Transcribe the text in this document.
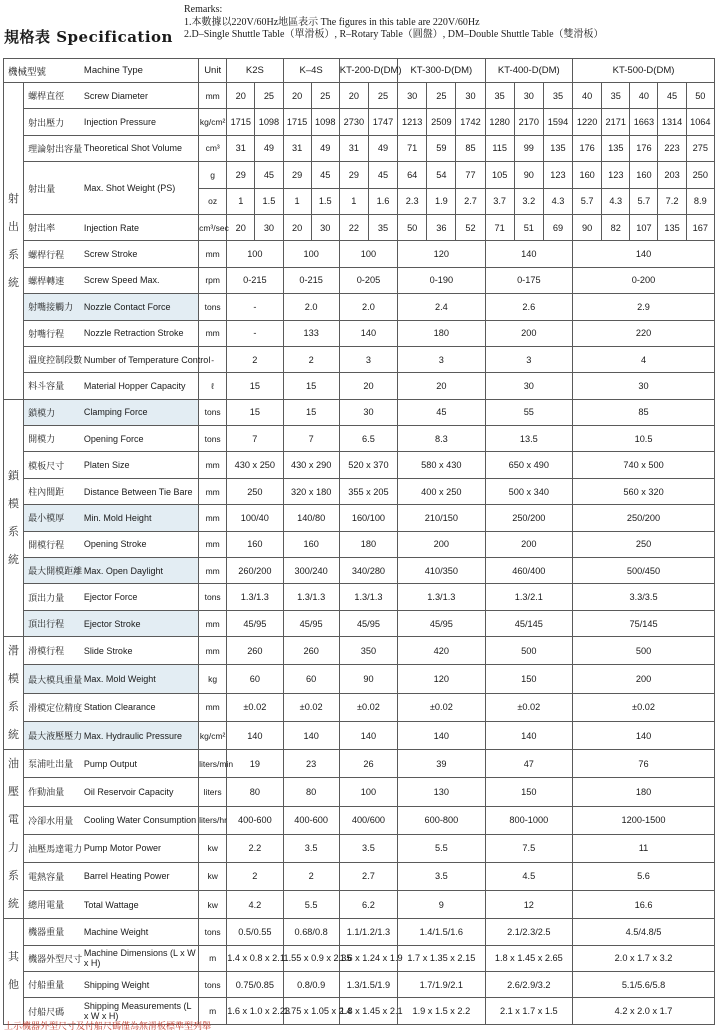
規格表 Specification
Remarks:
1.本數據以220V/60Hz地區表示 The figures in this table are 220V/60Hz
2.D–Single Shuttle Table（單滑板）, R–Rotary Table（圓盤）, DM–Double Shuttle Table（雙滑板）
機械型號		Machine Type	Unit	K2S		K–4S		KT-200-D(DM)		KT-300-D(DM)			KT-400-D(DM)			KT-500-D(DM)				
射 出 系 統	螺桿直徑	Screw Diameter	mm	20	25	20	25	20	25	30	25	30	35	30	35	40	35	40	45	50
	射出壓力	Injection Pressure	kg/cm²	1715	1098	1715	1098	2730	1747	1213	2509	1742	1280	2170	1594	1220	2171	1663	1314	1064
	理論射出容量	Theoretical Shot Volume	cm³	31	49	31	49	31	49	71	59	85	115	99	135	176	135	176	223	275
	射出量	Max. Shot Weight (PS)	g	29	45	29	45	29	45	64	54	77	105	90	123	160	123	160	203	250
			oz	1	1.5	1	1.5	1	1.6	2.3	1.9	2.7	3.7	3.2	4.3	5.7	4.3	5.7	7.2	8.9
	射出率	Injection Rate	cm³/sec	20	30	20	30	22	35	50	36	52	71	51	69	90	82	107	135	167
	螺桿行程	Screw Stroke	mm	100		100		100		120			140			140				
	螺桿轉速	Screw Speed Max.	rpm	0-215		0-215		0-205		0-190			0-175			0-200				
	射嘴接觸力	Nozzle Contact Force	tons	-		2.0		2.0		2.4			2.6			2.9				
	射嘴行程	Nozzle Retraction Stroke	mm	-		133		140		180			200			220				
	溫度控制段數	Number of Temperature Control	-	2		2		3		3			3			4				
	料斗容量	Material Hopper Capacity	ℓ	15		15		20		20			30			30				
鎖 模 系 統	鎖模力	Clamping Force	tons	15		15		30		45			55			85				
	開模力	Opening Force	tons	7		7		6.5		8.3			13.5			10.5				
	模板尺寸	Platen Size	mm	430 x 250		430 x 290		520 x 370		580 x 430			650 x 490			740 x 500				
	柱內間距	Distance Between Tie Bare	mm	250		320 x 180		355 x 205		400 x 250			500 x 340			560 x 320				
	最小模厚	Min. Mold Height	mm	100/40		140/80		160/100		210/150			250/200			250/200				
	開模行程	Opening Stroke	mm	160		160		180		200			200			250				
	最大開模距離	Max. Open Daylight	mm	260/200		300/240		340/280		410/350			460/400			500/450				
	頂出力量	Ejector Force	tons	1.3/1.3		1.3/1.3		1.3/1.3		1.3/1.3			1.3/2.1			3.3/3.5				
	頂出行程	Ejector Stroke	mm	45/95		45/95		45/95		45/95			45/145			75/145				
滑 模 系 統	滑模行程	Slide Stroke	mm	260		260		350		420			500			500				
	最大模具重量	Max. Mold Weight	kg	60		60		90		120			150			200				
	滑模定位精度	Station Clearance	mm	±0.02		±0.02		±0.02		±0.02			±0.02			±0.02				
	最大液壓壓力	Max. Hydraulic Pressure	kg/cm²	140		140		140		140			140			140				
油 壓 電 力 系 統	泵浦吐出量	Pump Output	liters/min	19		23		26		39			47			76				
	作動油量	Oil Reservoir Capacity	liters	80		80		100		130			150			180				
	冷卻水用量	Cooling Water Consumption	liters/hr	400-600		400-600		400/600		600-800			800-1000			1200-1500				
	油壓馬達電力	Pump Motor Power	kw	2.2		3.5		3.5		5.5			7.5			11				
	電熱容量	Barrel Heating Power	kw	2		2		2.7		3.5			4.5			5.6				
	總用電量	Total Wattage	kw	4.2		5.5		6.2		9			12			16.6				
其 他	機器重量	Machine Weight	tons	0.5/0.55		0.68/0.8		1.1/1.2/1.3		1.4/1.5/1.6			2.1/2.3/2.5			4.5/4.8/5				
	機器外型尺寸	Machine Dimensions (L x W x H)	m	1.4 x 0.8 x 2.1		1.55 x 0.9 x 2.35		1.6 x 1.24 x 1.9		1.7 x 1.35 x 2.15			1.8 x 1.45 x 2.65			2.0 x 1.7 x 3.2				
	付船重量	Shipping Weight	tons	0.75/0.85		0.8/0.9		1.3/1.5/1.9		1.7/1.9/2.1			2.6/2.9/3.2			5.1/5.6/5.8				
	付船尺碼	Shipping Measurements (L x W x H)	m	1.6 x 1.0 x 2.23		1.75 x 1.05 x 2.4		1.8 x 1.45 x 2.1		1.9 x 1.5 x 2.2			2.1 x 1.7 x 1.5			4.2 x 2.0 x 1.7				
上示機器外型尺寸及付船尺碼僅為無滑板標準型列舉
